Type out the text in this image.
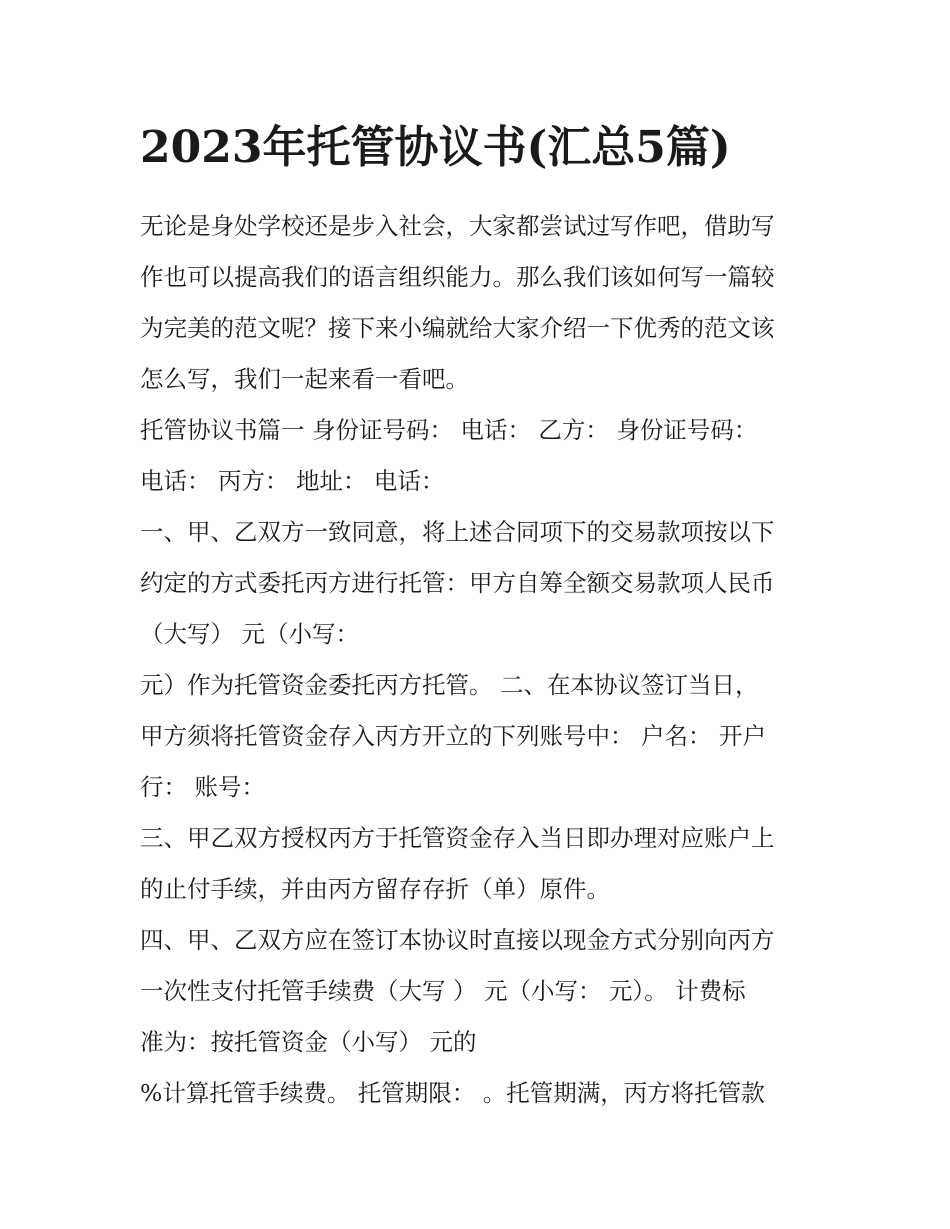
2023年托管协议书(汇总5篇)
无论是身处学校还是步入社会，大家都尝试过写作吧，借助写
作也可以提高我们的语言组织能力。那么我们该如何写一篇较
为完美的范文呢？接下来小编就给大家介绍一下优秀的范文该
怎么写，我们一起来看一看吧。
托管协议书篇一 身份证号码： 电话： 乙方： 身份证号码：
电话： 丙方： 地址： 电话：
一、甲、乙双方一致同意，将上述合同项下的交易款项按以下
约定的方式委托丙方进行托管：甲方自筹全额交易款项人民币
（大写） 元（小写：
元）作为托管资金委托丙方托管。 二、在本协议签订当日，
甲方须将托管资金存入丙方开立的下列账号中： 户名： 开户
行： 账号：
三、甲乙双方授权丙方于托管资金存入当日即办理对应账户上
的止付手续，并由丙方留存存折（单）原件。
四、甲、乙双方应在签订本协议时直接以现金方式分别向丙方
一次性支付托管手续费（大写 ） 元（小写： 元）。 计费标
准为：按托管资金（小写） 元的
%计算托管手续费。 托管期限： 。托管期满，丙方将托管款
